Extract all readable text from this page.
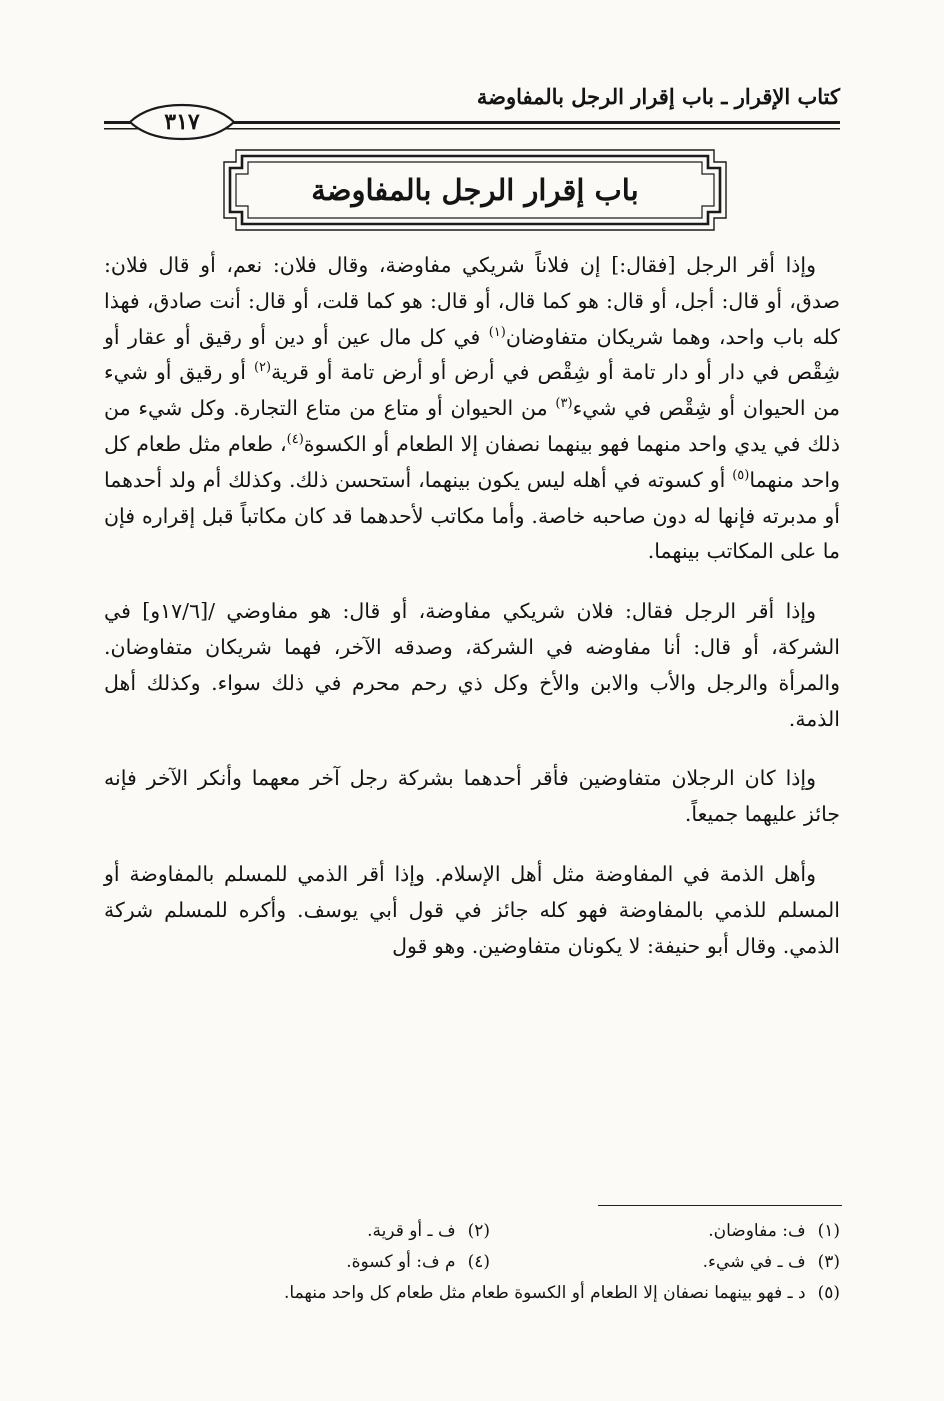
كتاب الإقرار ـ باب إقرار الرجل بالمفاوضة
٣١٧
باب إقرار الرجل بالمفاوضة

وإذا أقر الرجل [فقال:] إن فلاناً شريكي مفاوضة، وقال فلان: نعم، أو قال فلان: صدق، أو قال: أجل، أو قال: هو كما قال، أو قال: هو كما قلت، أو قال: أنت صادق، فهذا كله باب واحد، وهما شريكان متفاوضان$^{(١)}$ في كل مال عين أو دين أو رقيق أو عقار أو شِقْص في دار أو دار تامة أو شِقْص في أرض أو أرض تامة أو قرية$^{(٢)}$ أو رقيق أو شيء من الحيوان أو شِقْص في شيء$^{(٣)}$ من الحيوان أو متاع من متاع التجارة. وكل شيء من ذلك في يدي واحد منهما فهو بينهما نصفان إلا الطعام أو الكسوة$^{(٤)}$، طعام مثل طعام كل واحد منهما$^{(٥)}$ أو كسوته في أهله ليس يكون بينهما، أستحسن ذلك. وكذلك أم ولد أحدهما أو مدبرته فإنها له دون صاحبه خاصة. وأما مكاتب لأحدهما قد كان مكاتباً قبل إقراره فإن ما على المكاتب بينهما.

وإذا أقر الرجل فقال: فلان شريكي مفاوضة، أو قال: هو مفاوضي /[١٧/٦و] في الشركة، أو قال: أنا مفاوضه في الشركة، وصدقه الآخر، فهما شريكان متفاوضان. والمرأة والرجل والأب والابن والأخ وكل ذي رحم محرم في ذلك سواء. وكذلك أهل الذمة.

وإذا كان الرجلان متفاوضين فأقر أحدهما بشركة رجل آخر معهما وأنكر الآخر فإنه جائز عليهما جميعاً.

وأهل الذمة في المفاوضة مثل أهل الإسلام. وإذا أقر الذمي للمسلم بالمفاوضة أو المسلم للذمي بالمفاوضة فهو كله جائز في قول أبي يوسف. وأكره للمسلم شركة الذمي. وقال أبو حنيفة: لا يكونان متفاوضين. وهو قول

(١)ف: مفاوضان.
(٢)ف ـ أو قرية.
(٣)ف ـ في شيء.
(٤)م ف: أو كسوة.
(٥)د ـ فهو بينهما نصفان إلا الطعام أو الكسوة طعام مثل طعام كل واحد منهما.
